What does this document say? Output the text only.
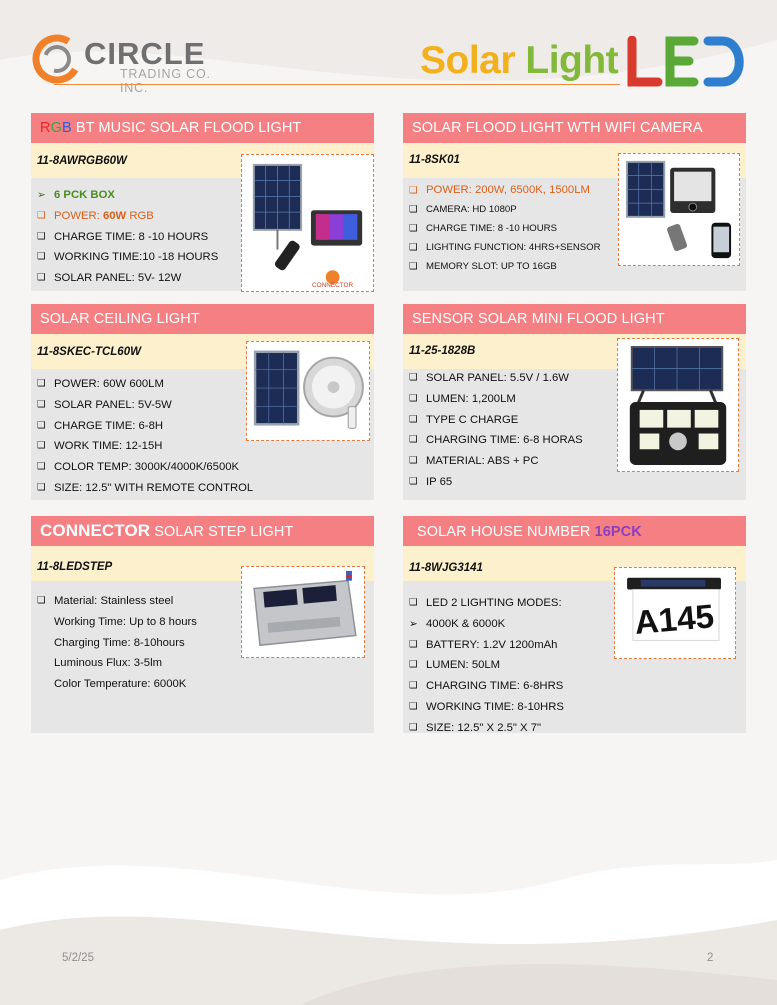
CIRCLE
TRADING CO. INC.
Solar Light
RGB BT MUSIC SOLAR FLOOD LIGHT
11-8AWRGB60W
➢ 6 PCK BOX
❑ POWER: 60W RGB
❑ CHARGE TIME: 8 -10 HOURS
❑ WORKING TIME:10 -18 HOURS
❑ SOLAR PANEL: 5V- 12W
CONNECTOR
SOLAR FLOOD LIGHT WTH WIFI CAMERA
11-8SK01
❑ POWER: 200W, 6500K, 1500LM
❑ CAMERA: HD 1080P
❑ CHARGE TIME: 8 -10 HOURS
❑ LIGHTING FUNCTION: 4HRS+SENSOR
❑ MEMORY SLOT: UP TO 16GB
SOLAR CEILING LIGHT
11-8SKEC-TCL60W
❑ POWER: 60W 600LM
❑ SOLAR PANEL: 5V-5W
❑ CHARGE TIME: 6-8H
❑ WORK TIME: 12-15H
❑ COLOR TEMP: 3000K/4000K/6500K
❑ SIZE: 12.5" WITH REMOTE CONTROL
SENSOR SOLAR MINI FLOOD LIGHT
11-25-1828B
❑ SOLAR PANEL: 5.5V / 1.6W
❑ LUMEN: 1,200LM
❑ TYPE C CHARGE
❑ CHARGING TIME: 6-8 HORAS
❑ MATERIAL: ABS + PC
❑ IP 65
CONNECTOR SOLAR STEP LIGHT
11-8LEDSTEP
❑ Material: Stainless steel
Working Time: Up to 8 hours
Charging Time: 8-10hours
Luminous Flux: 3-5lm
Color Temperature: 6000K
SOLAR HOUSE NUMBER 16PCK
11-8WJG3141
❑ LED 2 LIGHTING MODES:
➢ 4000K & 6000K
❑ BATTERY: 1.2V 1200mAh
❑ LUMEN: 50LM
❑ CHARGING TIME: 6-8HRS
❑ WORKING TIME: 8-10HRS
❑ SIZE: 12.5" X 2.5" X 7"
A145
5/2/25	2
